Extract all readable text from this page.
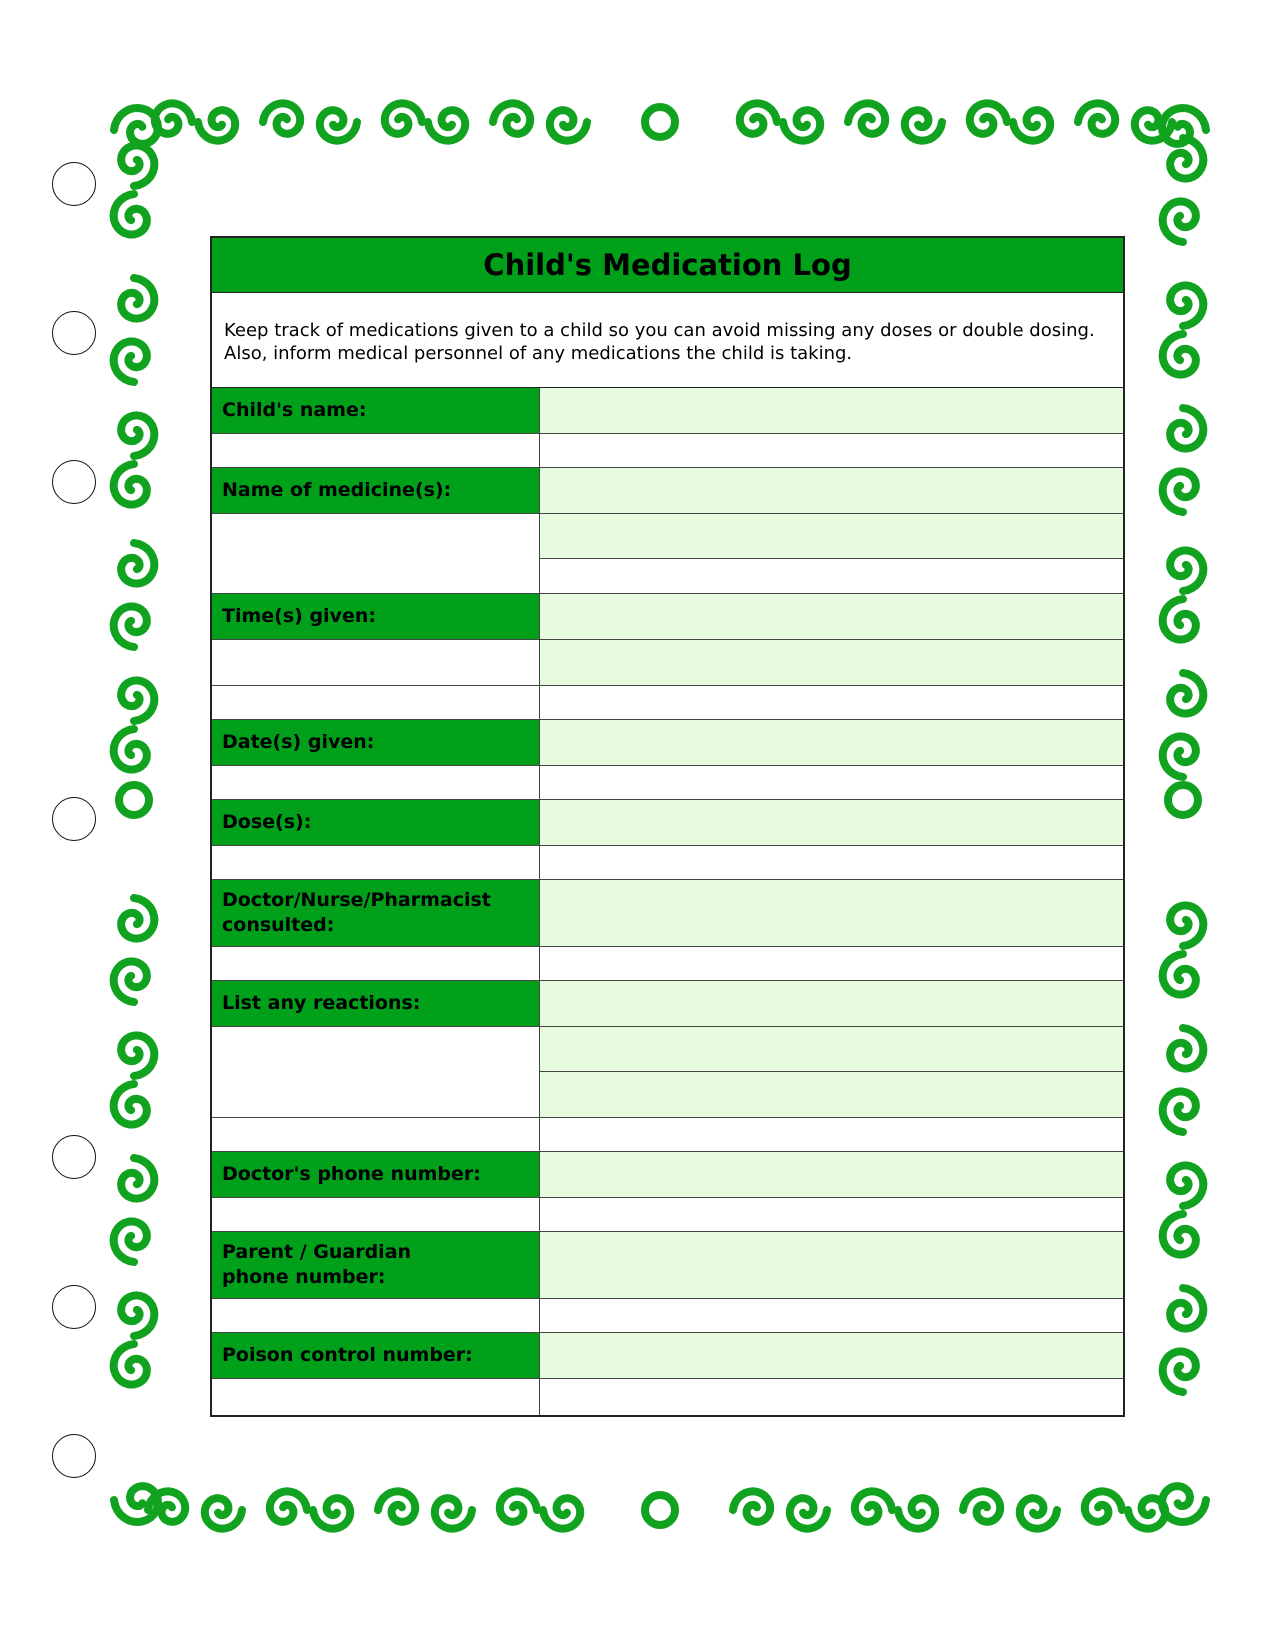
Child's Medication Log
Keep track of medications given to a child so you can avoid missing any doses or double dosing. Also, inform medical personnel of any medications the child is taking.
Child's name:
Name of medicine(s):
Time(s) given:
Date(s) given:
Dose(s):
Doctor/Nurse/Pharmacist consulted:
List any reactions:
Doctor's phone number:
Parent / Guardian phone number:
Poison control number:
